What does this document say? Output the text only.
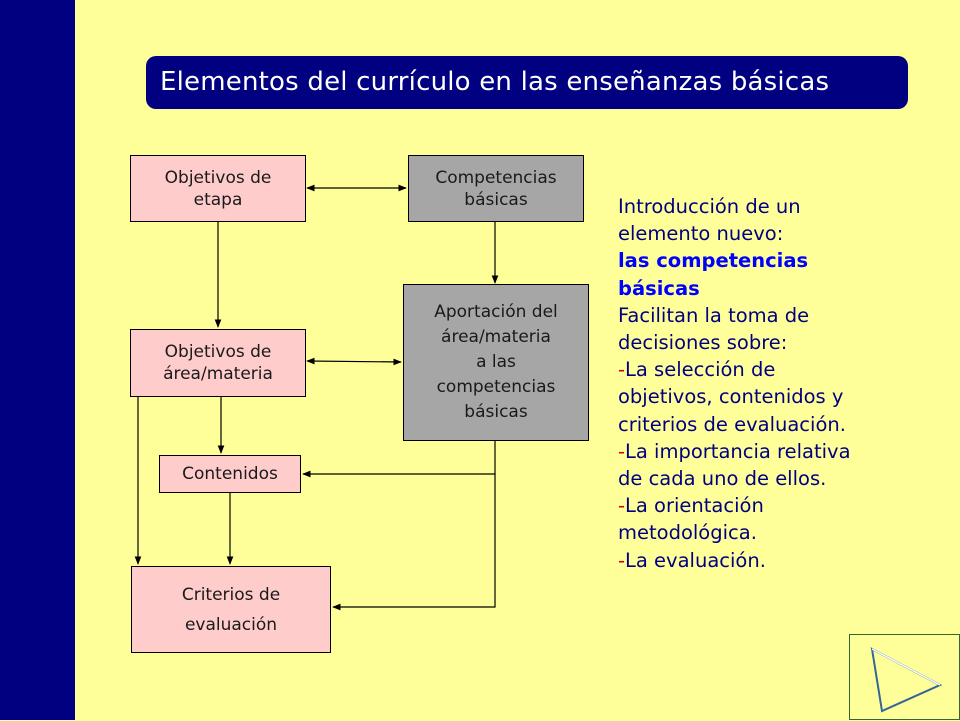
Elementos del currículo en las enseñanzas básicas
Objetivos de
etapa
Competencias
básicas
Objetivos de
área/materia
Aportación del
área/materia
a las
competencias
básicas
Contenidos
Criterios de
evaluación
Introducción de un
elemento nuevo:
las competencias
básicas
Facilitan la toma de
decisiones sobre:
-La selección de
objetivos, contenidos y
criterios de evaluación.
-La importancia relativa
de cada uno de ellos.
-La orientación
metodológica.
-La evaluación.
